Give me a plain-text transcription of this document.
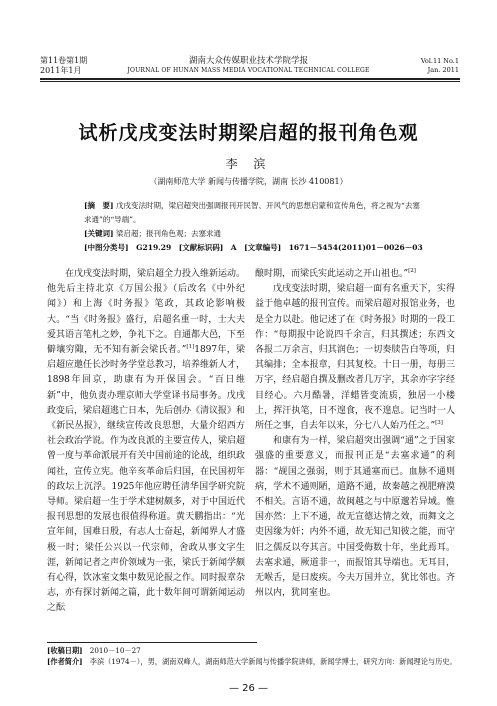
第11卷第1期
2011年1月
湖南大众传媒职业技术学院学报
JOURNAL OF HUNAN MASS MEDIA VOCATIONAL TECHNICAL COLLEGE
Vol.11 No.1
Jan. 2011
试析戊戌变法时期梁启超的报刊角色观
李 滨
（湖南师范大学 新闻与传播学院，湖南 长沙 410081）
[摘　要] 戊戌变法时期，梁启超突出强调报刊开民智、开风气的思想启蒙和宣传角色，将之视为“去塞求通”的“导端”。
[关键词] 梁启超；报刊角色观；去塞求通
[中图分类号]　G219.29　[文献标识码]　A　[文章编号]　1671－5454(2011)01－0026－03

在戊戌变法时期，梁启超全力投入维新运动。他先后主持北京《万国公报》（后改名《中外纪闻》）和上海《时务报》笔政，其政论影响极大。“当《时务报》盛行，启超名重一时，士大夫爱其语言笔札之妙，争礼下之。自通都大邑，下至僻壤穷陬，无不知有新会梁氏者。”[1]1897年，梁启超应邀任长沙时务学堂总教习，培养维新人才，1898年回京，助康有为开保国会。“百日维新”中，他负责办理京师大学堂译书局事务。戊戌政变后，梁启超逃亡日本，先后创办《清议报》和《新民丛报》，继续宣传改良思想，大量介绍西方社会政治学说。作为改良派的主要宣传人，梁启超曾一度与革命派展开有关中国前途的论战，组织政闻社，宣传立宪。他辛亥革命后归国，在民国初年的政坛上沉浮。1925年他应聘任清华国学研究院导师。梁启超一生于学术建树颇多，对于中国近代报刊思想的发展也很值得称道。黄天鹏指出：“光宣年间，国难日殷，有志人士奋起，新闻界人才盛极一时；梁任公兴以一代宗师，舍政从事文字生涯，新闻记者之声价领域为一张，梁氏于新闻学颇有心得，饮冰室文集中数见论报之作。同时报章杂志，亦有探讨新闻之篇，此十数年间可谓新闻运动之酝

酿时期，而梁氏实此运动之开山祖也。”[2]

戊戌变法时期，梁启超一面有名重天下，实得益于他卓越的报刊宣传。而梁启超对报馆业务，也是全力以赴。他记述了在《时务报》时期的一段工作：“每期报中论说四千余言，归其撰述；东西文各报二万余言，归其润色；一切奏牍告白等项，归其编排；全本报章，归其复校。十日一册，每册三万字，经启超自撰及删改者几万字，其余亦字字经目经心。六月酷暑，洋蜡皆变流质，独居一小楼上，挥汗执笔，日不遑食，夜不遑息。记当时一人所任之事，自去年以来，分七八人始乃任之。”[3]

和康有为一样，梁启超突出强调“通”之于国家强盛的重要意义，而报刊正是“去塞求通”的利器：“觇国之强弱，则于其通塞而已。血脉不通则病，学术不通则陋，道路不通，故秦越之视肥瘠漠不相关。言语不通，故闽越之与中原邈若异域。惟国亦然：上下不通，故无宣德达情之效，而舞文之吏因缘为奸；内外不通，故无知己知彼之能，而守旧之儒反以夸其言。中国受侮数十年，坐此焉耳。去塞求通，厥道非一，而报馆其导端也。无耳目，无喉舌，是曰废疾。今夫万国并立，犹比邻也。齐州以内，犹同室也。

[收稿日期]　 2010－10－27
[作者简介]　 李滨（1974－），男，湖南双峰人，湖南师范大学新闻与传播学院讲师，新闻学博士，研究方向：新闻理论与历史。
— 26 —
